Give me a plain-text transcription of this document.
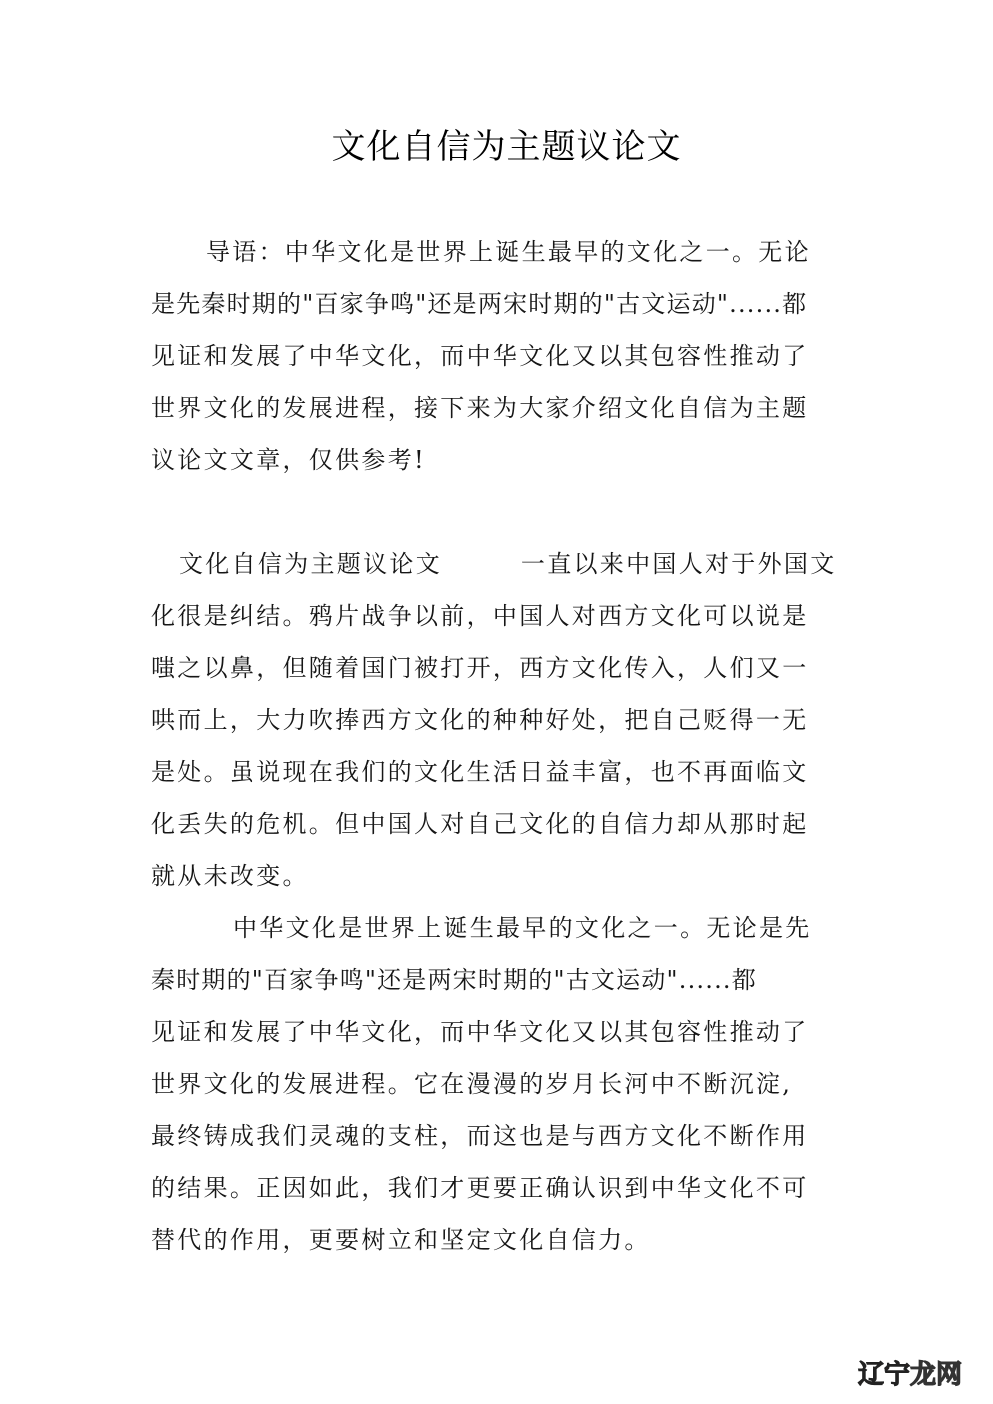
文化自信为主题议论文
导语：中华文化是世界上诞生最早的文化之一。无论
是先秦时期的"百家争鸣"还是两宋时期的"古文运动"......都
见证和发展了中华文化，而中华文化又以其包容性推动了
世界文化的发展进程，接下来为大家介绍文化自信为主题
议论文文章，仅供参考!
文化自信为主题议论文　　　一直以来中国人对于外国文
化很是纠结。鸦片战争以前，中国人对西方文化可以说是
嗤之以鼻，但随着国门被打开，西方文化传入，人们又一
哄而上，大力吹捧西方文化的种种好处，把自己贬得一无
是处。虽说现在我们的文化生活日益丰富，也不再面临文
化丢失的危机。但中国人对自己文化的自信力却从那时起
就从未改变。
中华文化是世界上诞生最早的文化之一。无论是先
秦时期的"百家争鸣"还是两宋时期的"古文运动"......都
见证和发展了中华文化，而中华文化又以其包容性推动了
世界文化的发展进程。它在漫漫的岁月长河中不断沉淀,
最终铸成我们灵魂的支柱，而这也是与西方文化不断作用
的结果。正因如此，我们才更要正确认识到中华文化不可
替代的作用，更要树立和坚定文化自信力。
辽宁龙网
